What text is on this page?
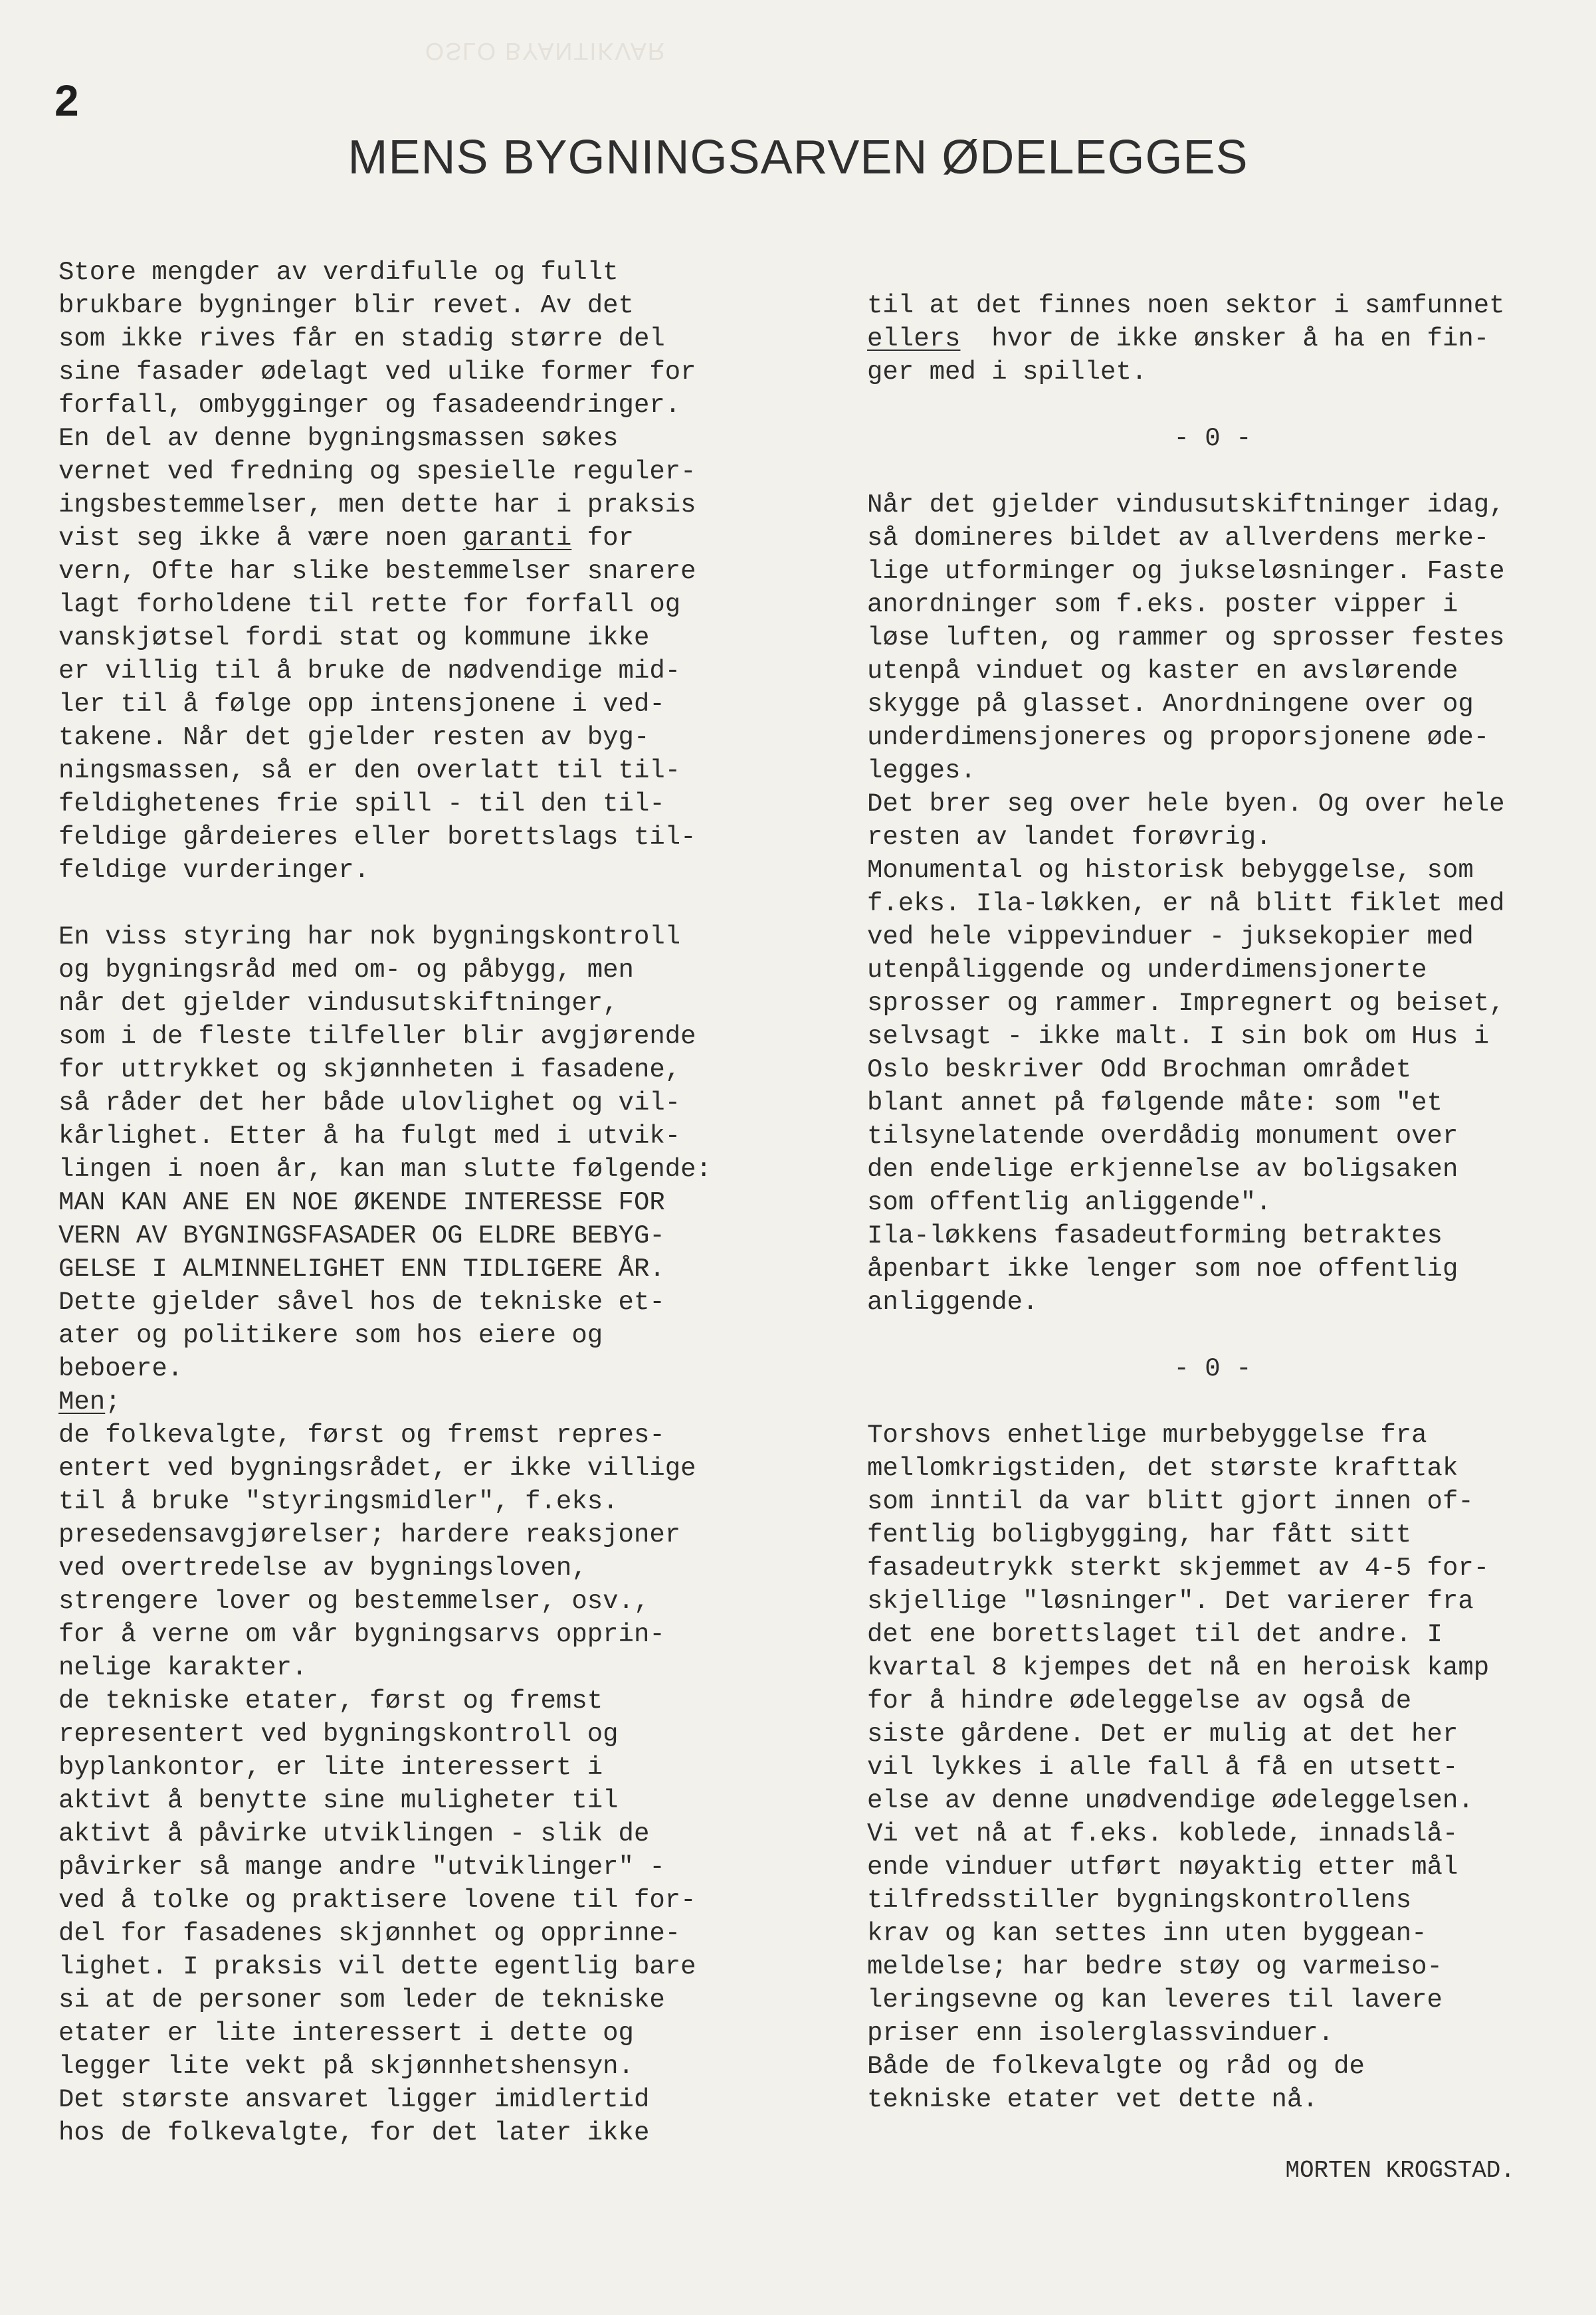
OSLO BYANTIKVAR
2
MENS BYGNINGSARVEN ØDELEGGES
Store mengder av verdifulle og fullt
brukbare bygninger blir revet. Av det
som ikke rives får en stadig større del
sine fasader ødelagt ved ulike former for
forfall, ombygginger og fasadeendringer.
En del av denne bygningsmassen søkes
vernet ved fredning og spesielle reguler-
ingsbestemmelser, men dette har i praksis
vist seg ikke å være noen garanti for
vern, Ofte har slike bestemmelser snarere
lagt forholdene til rette for forfall og
vanskjøtsel fordi stat og kommune ikke
er villig til å bruke de nødvendige mid-
ler til å følge opp intensjonene i ved-
takene. Når det gjelder resten av byg-
ningsmassen, så er den overlatt til til-
feldighetenes frie spill - til den til-
feldige gårdeieres eller borettslags til-
feldige vurderinger.
En viss styring har nok bygningskontroll
og bygningsråd med om- og påbygg, men
når det gjelder vindusutskiftninger,
som i de fleste tilfeller blir avgjørende
for uttrykket og skjønnheten i fasadene,
så råder det her både ulovlighet og vil-
kårlighet. Etter å ha fulgt med i utvik-
lingen i noen år, kan man slutte følgende:
MAN KAN ANE EN NOE ØKENDE INTERESSE FOR
VERN AV BYGNINGSFASADER OG ELDRE BEBYG-
GELSE I ALMINNELIGHET ENN TIDLIGERE ÅR.
Dette gjelder såvel hos de tekniske et-
ater og politikere som hos eiere og
beboere.
Men;
de folkevalgte, først og fremst repres-
entert ved bygningsrådet, er ikke villige
til å bruke "styringsmidler", f.eks.
presedensavgjørelser; hardere reaksjoner
ved overtredelse av bygningsloven,
strengere lover og bestemmelser, osv.,
for å verne om vår bygningsarvs opprin-
nelige karakter.
de tekniske etater, først og fremst
representert ved bygningskontroll og
byplankontor, er lite interessert i
aktivt å benytte sine muligheter til
aktivt å påvirke utviklingen - slik de
påvirker så mange andre "utviklinger" -
ved å tolke og praktisere lovene til for-
del for fasadenes skjønnhet og opprinne-
lighet. I praksis vil dette egentlig bare
si at de personer som leder de tekniske
etater er lite interessert i dette og
legger lite vekt på skjønnhetshensyn.
Det største ansvaret ligger imidlertid
hos de folkevalgte, for det later ikke
til at det finnes noen sektor i samfunnet
ellers  hvor de ikke ønsker å ha en fin-
ger med i spillet.
- 0 -
Når det gjelder vindusutskiftninger idag,
så domineres bildet av allverdens merke-
lige utforminger og jukseløsninger. Faste
anordninger som f.eks. poster vipper i
løse luften, og rammer og sprosser festes
utenpå vinduet og kaster en avslørende
skygge på glasset. Anordningene over og
underdimensjoneres og proporsjonene øde-
legges.
Det brer seg over hele byen. Og over hele
resten av landet forøvrig.
Monumental og historisk bebyggelse, som
f.eks. Ila-løkken, er nå blitt fiklet med
ved hele vippevinduer - juksekopier med
utenpåliggende og underdimensjonerte
sprosser og rammer. Impregnert og beiset,
selvsagt - ikke malt. I sin bok om Hus i
Oslo beskriver Odd Brochman området
blant annet på følgende måte: som "et
tilsynelatende overdådig monument over
den endelige erkjennelse av boligsaken
som offentlig anliggende".
Ila-løkkens fasadeutforming betraktes
åpenbart ikke lenger som noe offentlig
anliggende.
- 0 -
Torshovs enhetlige murbebyggelse fra
mellomkrigstiden, det største krafttak
som inntil da var blitt gjort innen of-
fentlig boligbygging, har fått sitt
fasadeutrykk sterkt skjemmet av 4-5 for-
skjellige "løsninger". Det varierer fra
det ene borettslaget til det andre. I
kvartal 8 kjempes det nå en heroisk kamp
for å hindre ødeleggelse av også de
siste gårdene. Det er mulig at det her
vil lykkes i alle fall å få en utsett-
else av denne unødvendige ødeleggelsen.
Vi vet nå at f.eks. koblede, innadslå-
ende vinduer utført nøyaktig etter mål
tilfredsstiller bygningskontrollens
krav og kan settes inn uten byggean-
meldelse; har bedre støy og varmeiso-
leringsevne og kan leveres til lavere
priser enn isolerglassvinduer.
Både de folkevalgte og råd og de
tekniske etater vet dette nå.
MORTEN KROGSTAD.
